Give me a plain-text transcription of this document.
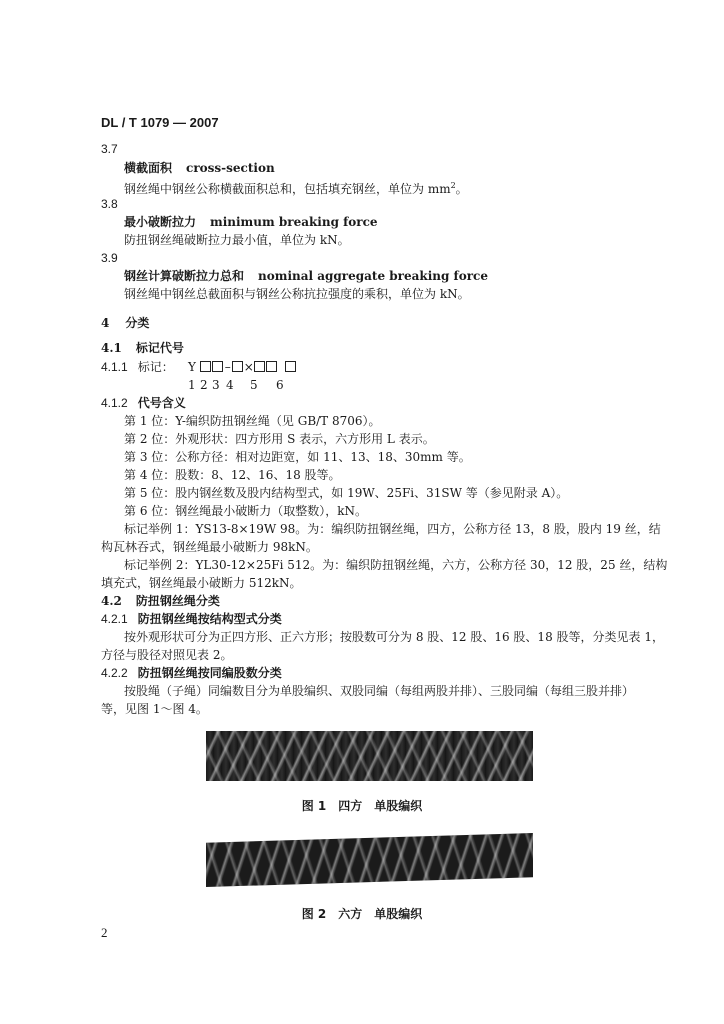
DL / T 1079 — 2007
3.7
横截面积 cross-section
钢丝绳中钢丝公称横截面积总和，包括填充钢丝，单位为 $mm^2$。
3.8
最小破断拉力 minimum breaking force
防扭钢丝绳破断拉力最小值，单位为 kN。
3.9
钢丝计算破断拉力总和 nominal aggregate breaking force
钢丝绳中钢丝总截面积与钢丝公称抗拉强度的乘积，单位为 kN。
4 分类
4.1 标记代号
4.1.1 标记： Y – ×
1 2 3 4 5 6
4.1.2 代号含义
第 1 位：Y-编织防扭钢丝绳（见 GB/T 8706）。
第 2 位：外观形状：四方形用 S 表示，六方形用 L 表示。
第 3 位：公称方径：相对边距宽，如 11、13、18、30mm 等。
第 4 位：股数：8、12、16、18 股等。
第 5 位：股内钢丝数及股内结构型式，如 19W、25Fi、31SW 等（参见附录 A）。
第 6 位：钢丝绳最小破断力（取整数），kN。
标记举例 1：YS13-8×19W 98。为：编织防扭钢丝绳，四方，公称方径 13，8 股，股内 19 丝，结
构瓦林吞式，钢丝绳最小破断力 98kN。
标记举例 2：YL30-12×25Fi 512。为：编织防扭钢丝绳，六方，公称方径 30，12 股，25 丝，结构
填充式，钢丝绳最小破断力 512kN。
4.2 防扭钢丝绳分类
4.2.1 防扭钢丝绳按结构型式分类
按外观形状可分为正四方形、正六方形；按股数可分为 8 股、12 股、16 股、18 股等，分类见表 1，
方径与股径对照见表 2。
4.2.2 防扭钢丝绳按同编股数分类
按股绳（子绳）同编数目分为单股编织、双股同编（每组两股并排）、三股同编（每组三股并排）
等，见图 1～图 4。
图 1　四方　单股编织
图 2　六方　单股编织
2
